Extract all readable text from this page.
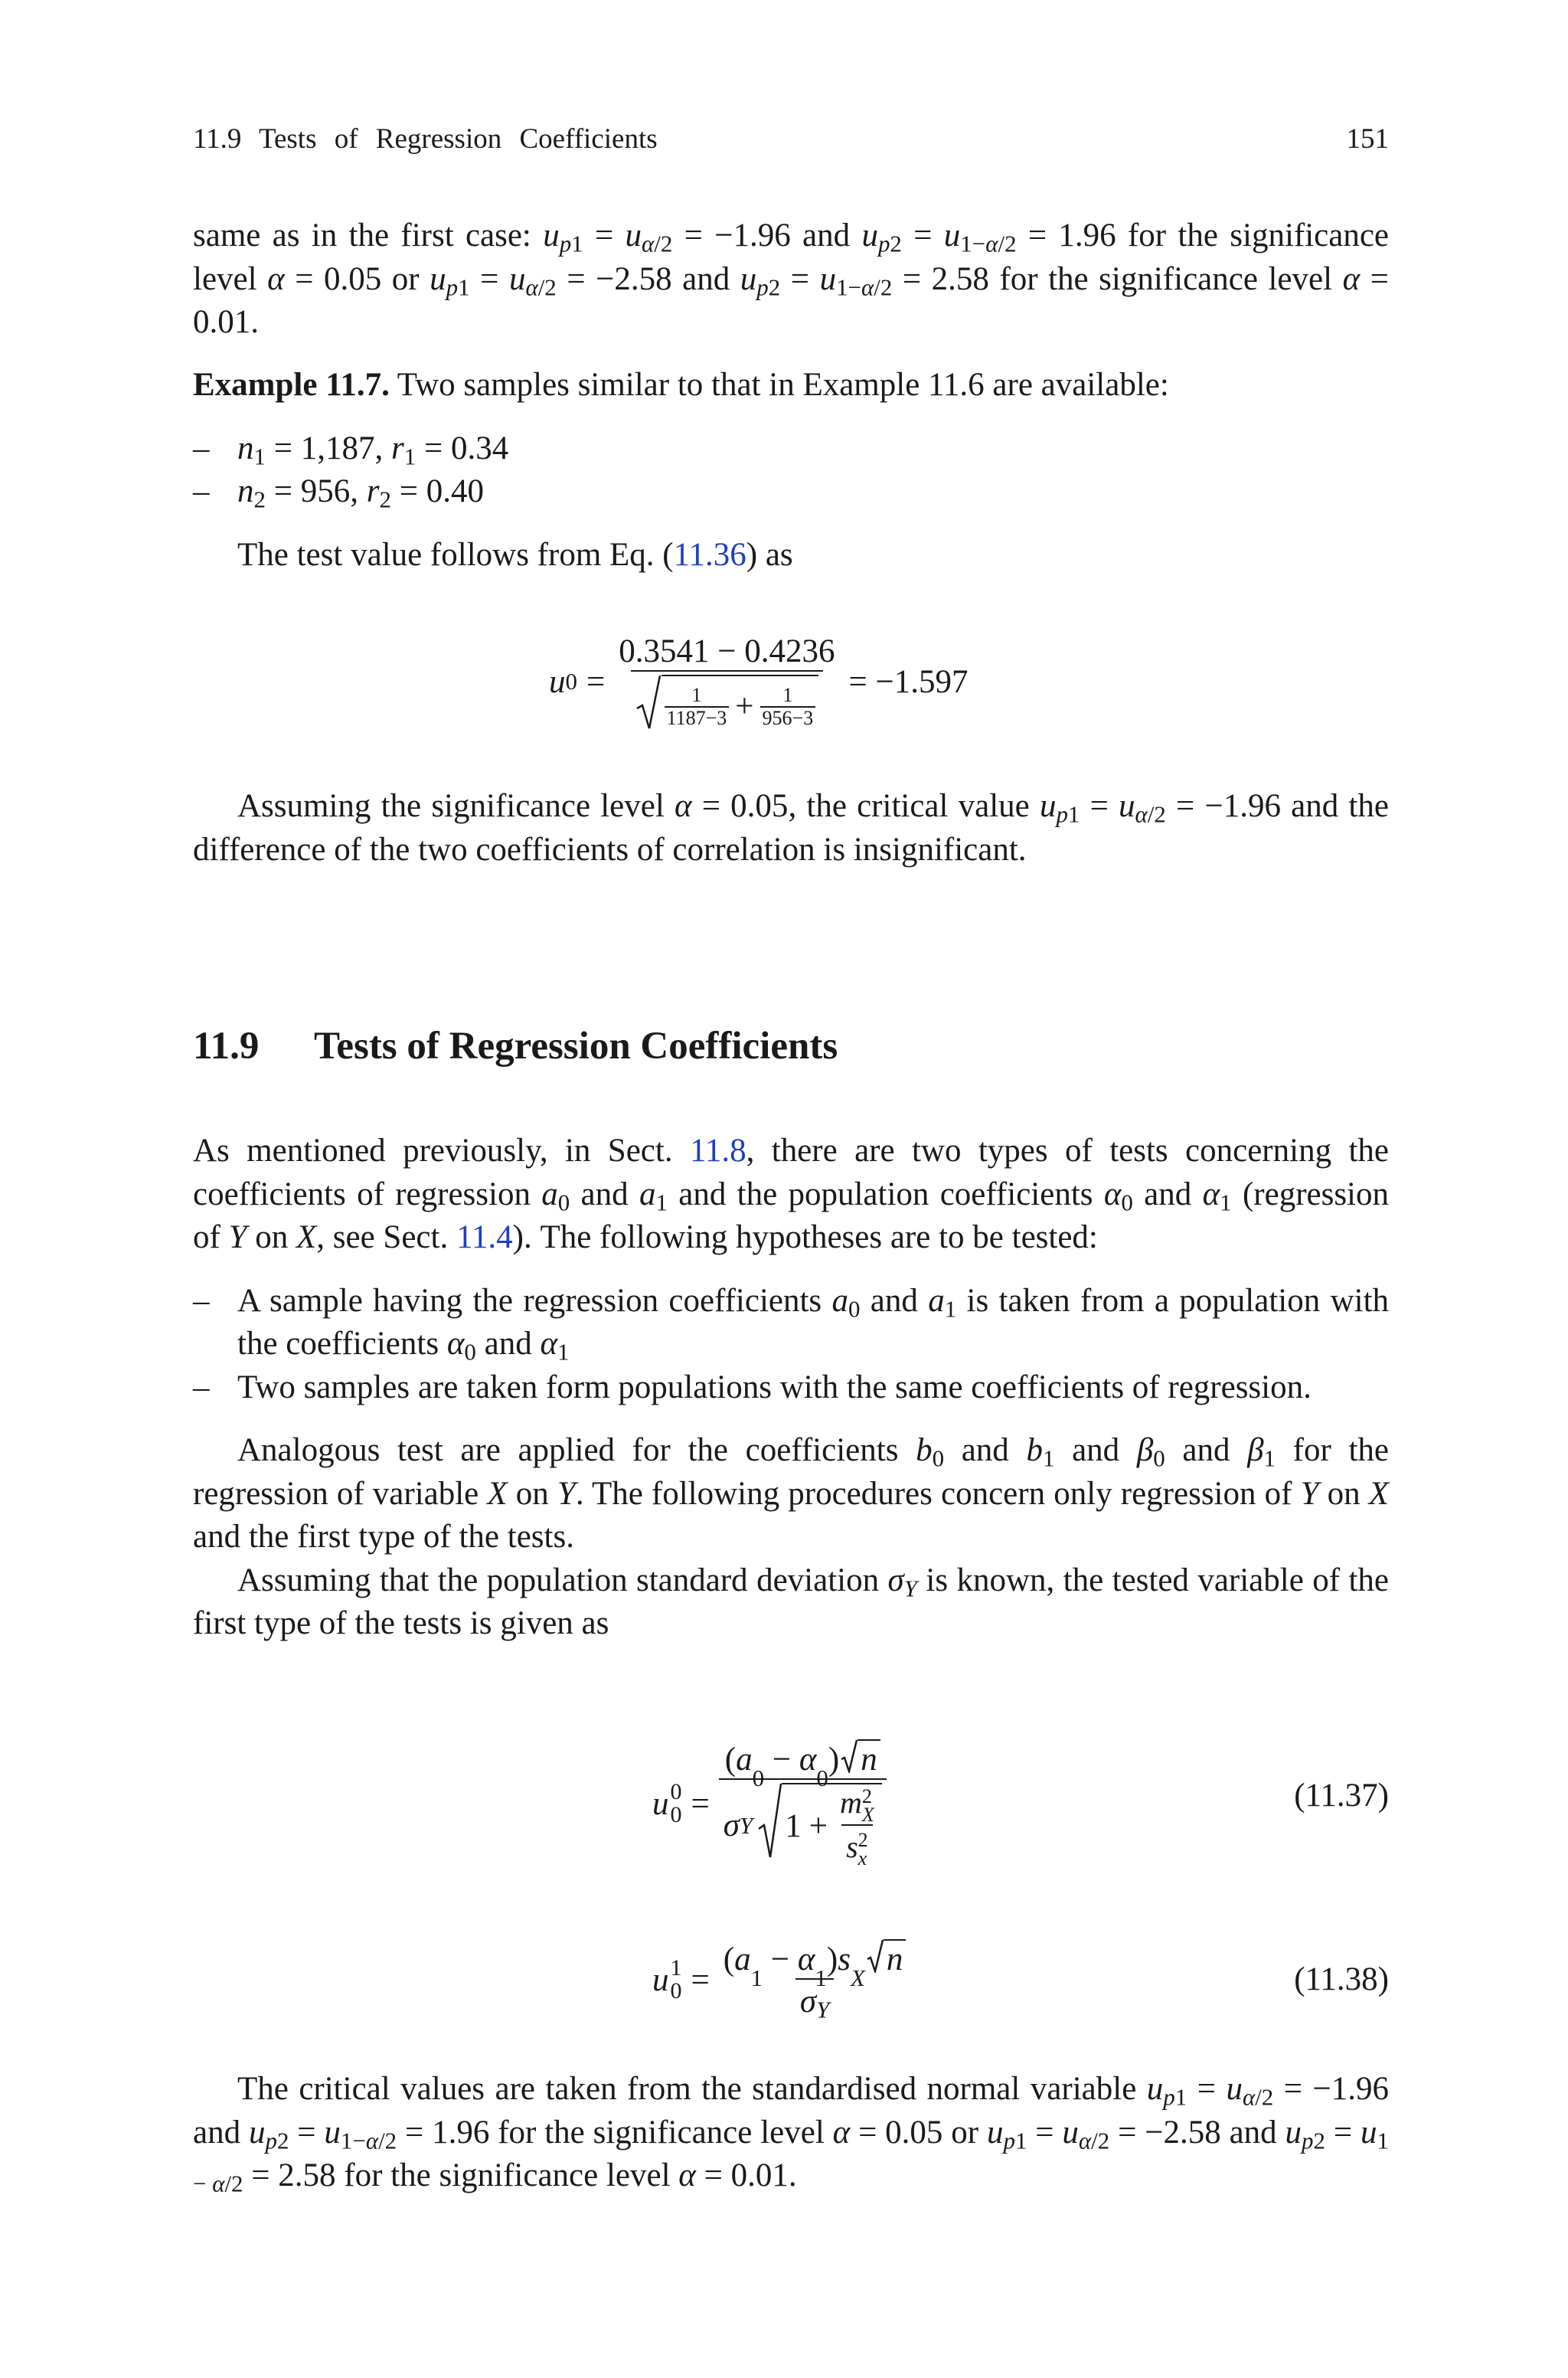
11.9 Tests of Regression Coefficients	151

same as in the first case: $u_{p1} = u_{\alpha/2} = -1.96$ and $u_{p2} = u_{1-\alpha/2} = 1.96$ for the significance level α = 0.05 or $u_{p1} = u_{\alpha/2} = -2.58$ and $u_{p2} = u_{1-\alpha/2} = 2.58$ for the significance level α = 0.01.

Example 11.7. Two samples similar to that in Example 11.6 are available:

– $n_1 = 1,187$, $r_1 = 0.34$
– $n_2 = 956$, $r_2 = 0.40$

The test value follows from Eq. (11.36) as

u $0 = \frac{0.3541 - 0.4236}{\frac{1}{1187-3} + \frac{1}{956-3}} = -1.597$

Assuming the significance level α = 0.05, the critical value $u_{p1} = u_{\alpha/2} = -1.96$ and the difference of the two coefficients of correlation is insignificant.

11.9 Tests of Regression Coefficients

As mentioned previously, in Sect. 11.8, there are two types of tests concerning the coefficients of regression $a_0$ and $a_1$ and the population coefficients $\alpha_0$ and $\alpha_1$ (regression of Y on X, see Sect. 11.4). The following hypotheses are to be tested:

– A sample having the regression coefficients $a_0$ and $a_1$ is taken from a population with the coefficients $\alpha_0$ and $\alpha_1$
– Two samples are taken form populations with the same coefficients of regression.

Analogous test are applied for the coefficients $b_0$ and $b_1$ and $\beta_0$ and $\beta_1$ for the regression of variable X on Y. The following procedures concern only regression of Y on X and the first type of the tests.

Assuming that the population standard deviation $\sigma_Y$ is known, the tested variable of the first type of the tests is given as

u 0
0 =
( a
0
− α
0
) n
σ Y 1 + m 2
X
s 2
x	(11.37)
u 1
0 = ( a
1
− α
1
) s
X
n
$\sigma_Y$	(11.38)

The critical values are taken from the standardised normal variable $u_{p1} = u_{\alpha/2} = -1.96$ and $u_{p2} = u_{1-\alpha/2} = 1.96$ for the significance level α = 0.05 or $u_{p1} = u_{\alpha/2} = -2.58$ and $u_{p2} = u_{1 - \alpha/2} = 2.58$ for the significance level α = 0.01.
